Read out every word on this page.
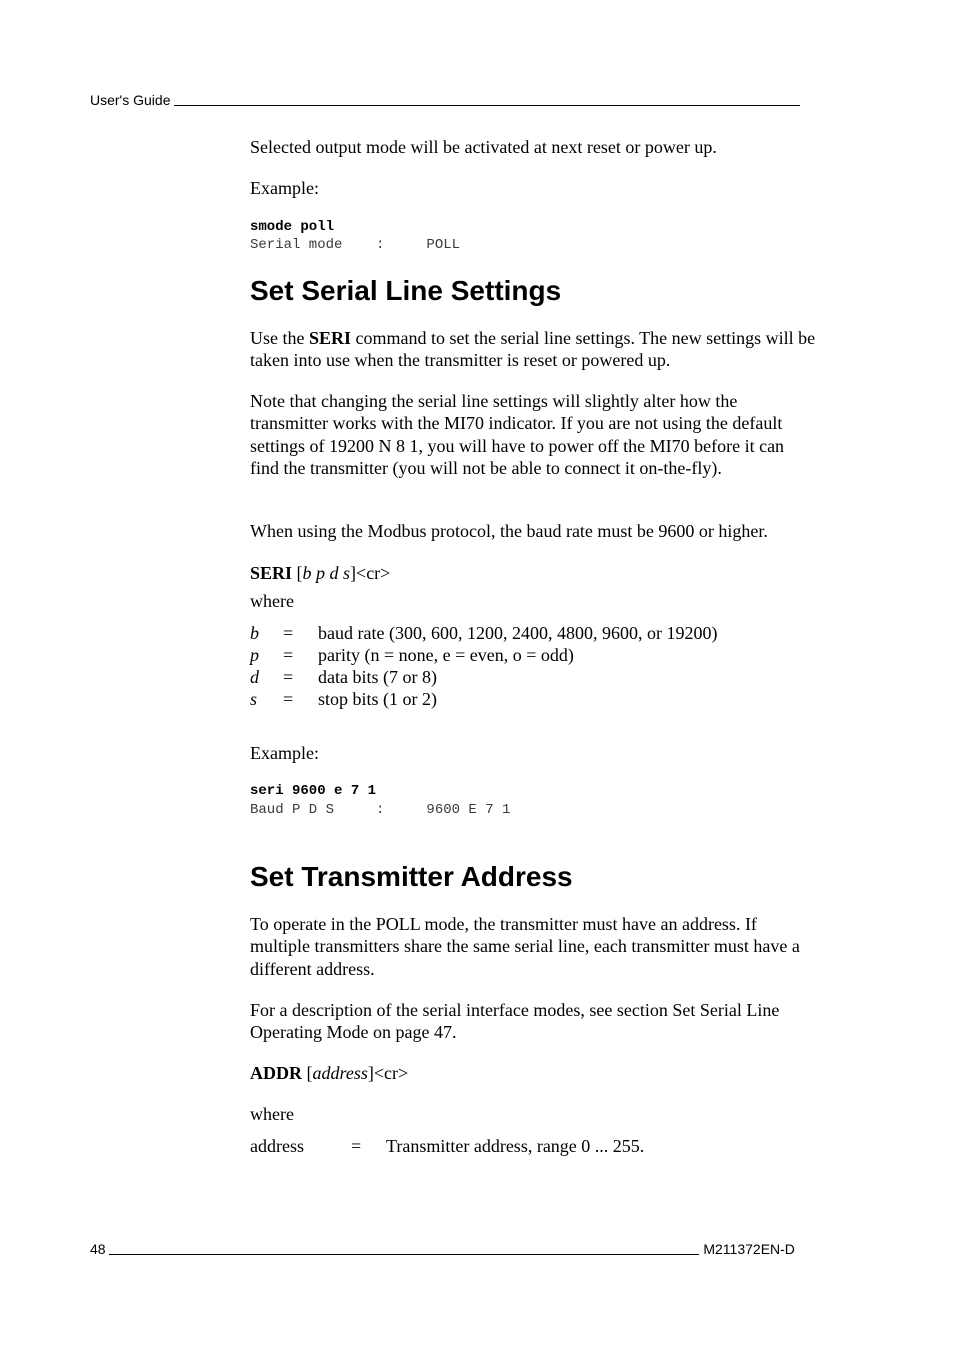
User's Guide

Selected output mode will be activated at next reset or power up.

Example:

smode poll
Serial mode    :     POLL
Set Serial Line Settings

Use the SERI command to set the serial line settings. The new settings will be taken into use when the transmitter is reset or powered up.

Note that changing the serial line settings will slightly alter how the transmitter works with the MI70 indicator. If you are not using the default settings of 19200 N 8 1, you will have to power off the MI70 before it can find the transmitter (you will not be able to connect it on-the-fly).

When using the Modbus protocol, the baud rate must be 9600 or higher.

SERI [b p d s]<cr>

where

b = baud rate (300, 600, 1200, 2400, 4800, 9600, or 19200)
p = parity (n = none, e = even, o = odd)
d = data bits (7 or 8)
s = stop bits (1 or 2)

Example:

seri 9600 e 7 1
Baud P D S     :     9600 E 7 1
Set Transmitter Address

To operate in the POLL mode, the transmitter must have an address. If multiple transmitters share the same serial line, each transmitter must have a different address.

For a description of the serial interface modes, see section Set Serial Line Operating Mode on page 47.

ADDR [address]<cr>

where

address	= Transmitter address, range 0 ... 255.
48	M211372EN-D
